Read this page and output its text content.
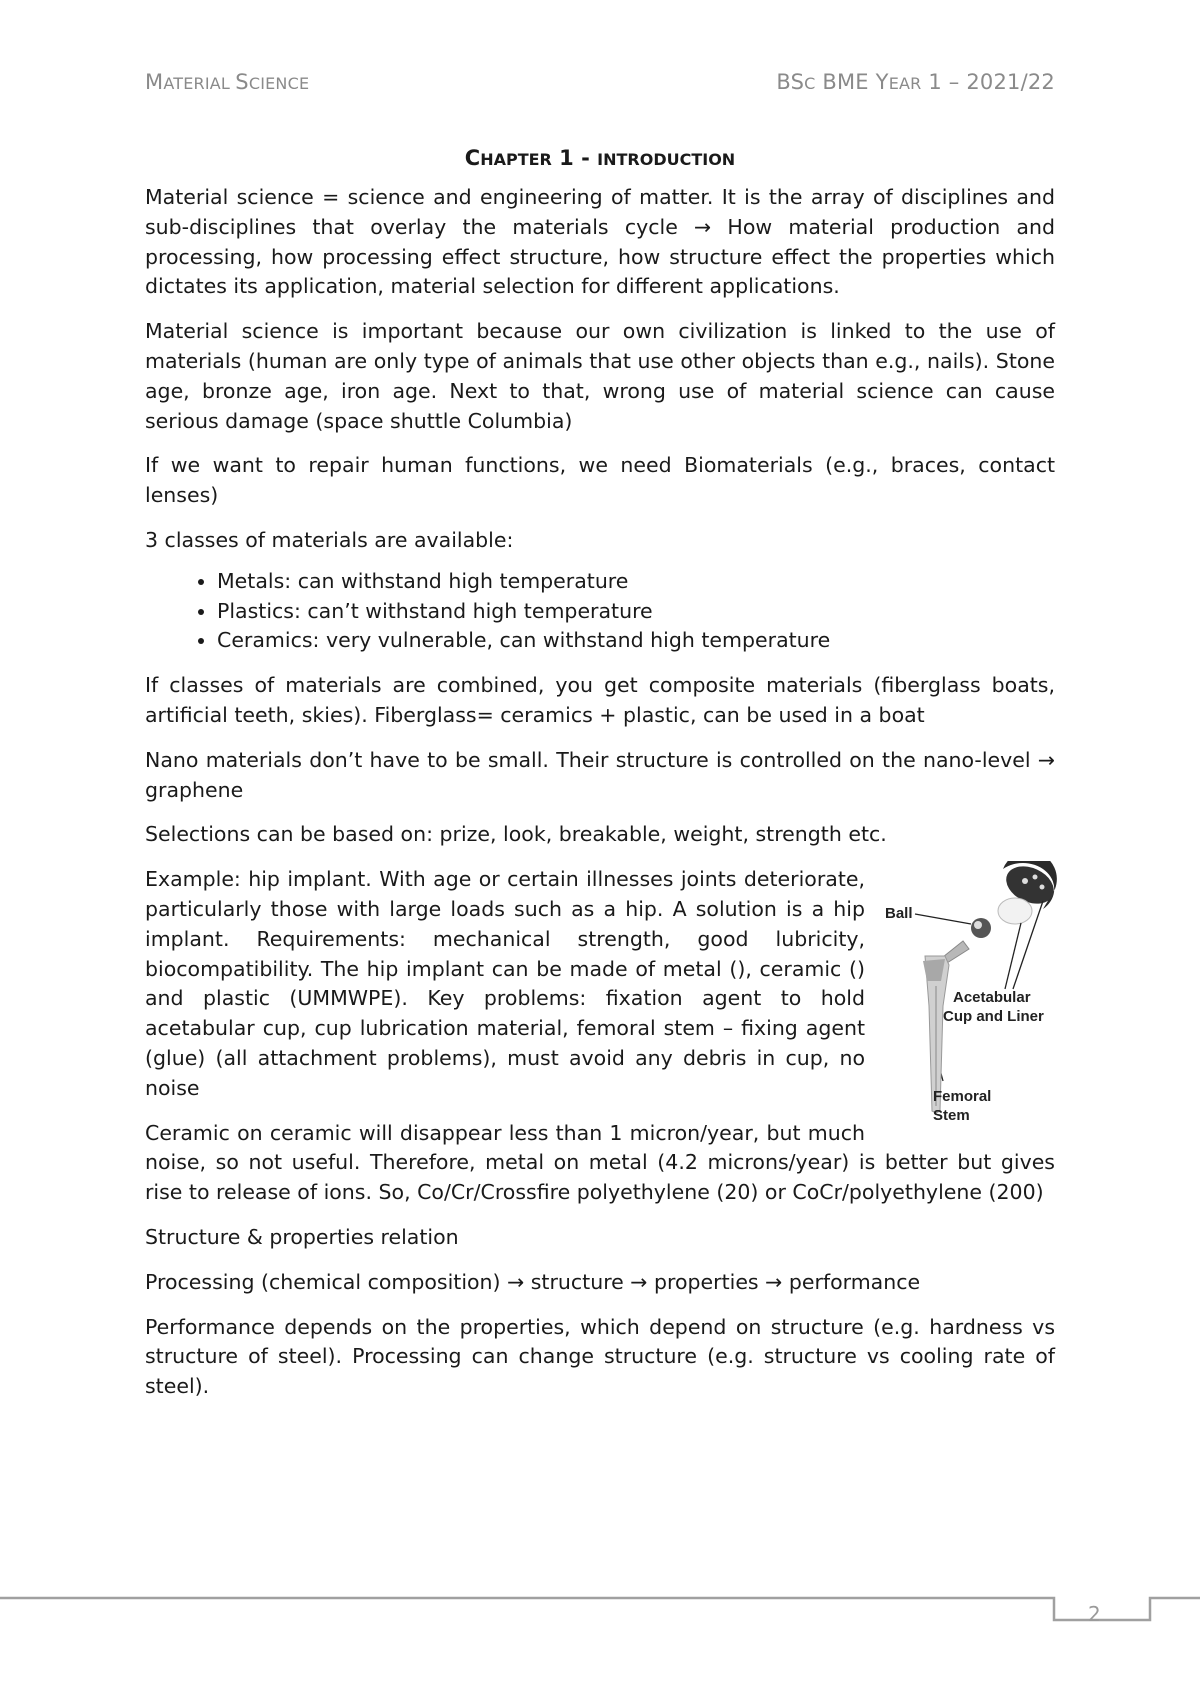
MATERIAL SCIENCE	BSC BME YEAR 1 – 2021/22
CHAPTER 1 - INTRODUCTION

Material science = science and engineering of matter. It is the array of disciplines and sub-disciplines that overlay the materials cycle → How material production and processing, how processing effect structure, how structure effect the properties which dictates its application, material selection for different applications.

Material science is important because our own civilization is linked to the use of materials (human are only type of animals that use other objects than e.g., nails). Stone age, bronze age, iron age. Next to that, wrong use of material science can cause serious damage (space shuttle Columbia)

If we want to repair human functions, we need Biomaterials (e.g., braces, contact lenses)

3 classes of materials are available:

• Metals: can withstand high temperature
• Plastics: can’t withstand high temperature
• Ceramics: very vulnerable, can withstand high temperature

If classes of materials are combined, you get composite materials (fiberglass boats, artificial teeth, skies). Fiberglass= ceramics + plastic, can be used in a boat

Nano materials don’t have to be small. Their structure is controlled on the nano-level → graphene

Selections can be based on: prize, look, breakable, weight, strength etc.

Ball
Acetabular
Cup and Liner
Femoral
Stem

Example: hip implant. With age or certain illnesses joints deteriorate, particularly those with large loads such as a hip. A solution is a hip implant. Requirements: mechanical strength, good lubricity, biocompatibility. The hip implant can be made of metal (), ceramic () and plastic (UMMWPE). Key problems: fixation agent to hold acetabular cup, cup lubrication material, femoral stem – fixing agent (glue) (all attachment problems), must avoid any debris in cup, no noise

Ceramic on ceramic will disappear less than 1 micron/year, but much noise, so not useful. Therefore, metal on metal (4.2 microns/year) is better but gives rise to release of ions. So, Co/Cr/Crossfire polyethylene (20) or CoCr/polyethylene (200)

Structure & properties relation

Processing (chemical composition) → structure → properties → performance

Performance depends on the properties, which depend on structure (e.g. hardness vs structure of steel). Processing can change structure (e.g. structure vs cooling rate of steel).

2
